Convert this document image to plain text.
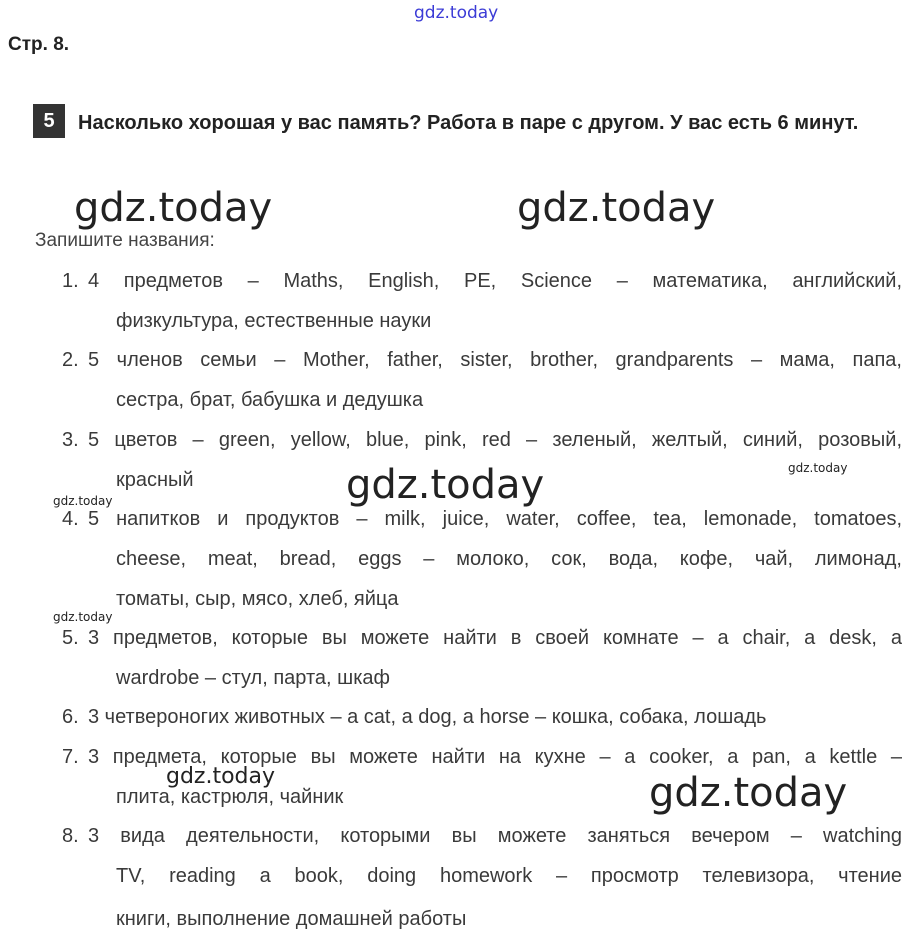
gdz.today
Стр. 8.
5	Насколько хорошая у вас память? Работа в паре с другом. У вас есть 6 минут.
gdz.today	gdz.today
Запишите названия:
1. 4 предметов – Maths, English, PE, Science – математика, английский,
физкультура, естественные науки
2. 5 членов семьи – Mother, father, sister, brother, grandparents – мама, папа,
сестра, брат, бабушка и дедушка
3. 5 цветов – green, yellow, blue, pink, red – зеленый, желтый, синий, розовый,
красный
4. 5 напитков и продуктов – milk, juice, water, coffee, tea, lemonade, tomatoes,
cheese, meat, bread, eggs – молоко, сок, вода, кофе, чай, лимонад,
томаты, сыр, мясо, хлеб, яйца
5. 3 предметов, которые вы можете найти в своей комнате – a chair, a desk, a
wardrobe – стул, парта, шкаф
6. 3 четвероногих животных – a cat, a dog, a horse – кошка, собака, лошадь
7. 3 предмета, которые вы можете найти на кухне – a cooker, a pan, a kettle –
плита, кастрюля, чайник
8. 3 вида деятельности, которыми вы можете заняться вечером – watching
TV, reading a book, doing homework – просмотр телевизора, чтение
книги, выполнение домашней работы
gdz.today	gdz.today
gdz.today
gdz.today
gdz.today	gdz.today
